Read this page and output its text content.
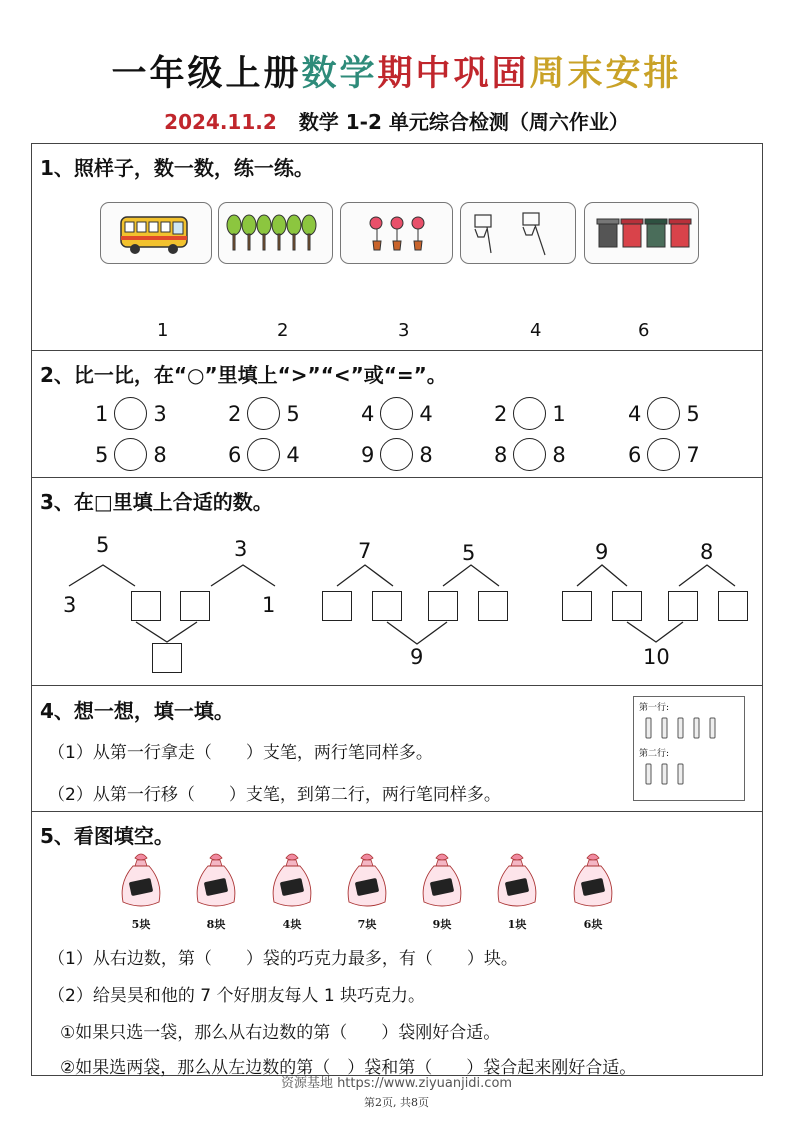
一年级上册数学期中巩固周末安排
2024.11.2 数学 1-2 单元综合检测（周六作业）
1、照样子，数一数，练一练。
1	2	3	4	6
2、比一比，在“○”里填上“>”“<”或“=”。
1 3	2 5	4 4	2 1	4 5
5 8	6 4	9 8	8 8	6 7
3、在□里填上合适的数。
5	3
3	1
7	5
9
9	8
10
4、想一想，填一填。
（1）从第一行拿走（　　）支笔，两行笔同样多。
（2）从第一行移（　　）支笔，到第二行，两行笔同样多。
第一行:
第二行:
5、看图填空。
5块	8块	4块	7块	9块	1块	6块
（1）从右边数，第（　　）袋的巧克力最多，有（　　）块。
（2）给昊昊和他的 7 个好朋友每人 1 块巧克力。
①如果只选一袋，那么从右边数的第（　　）袋刚好合适。
②如果选两袋，那么从左边数的第（　）袋和第（　　）袋合起来刚好合适。
资源基地 https://www.ziyuanjidi.com
第2页, 共8页
